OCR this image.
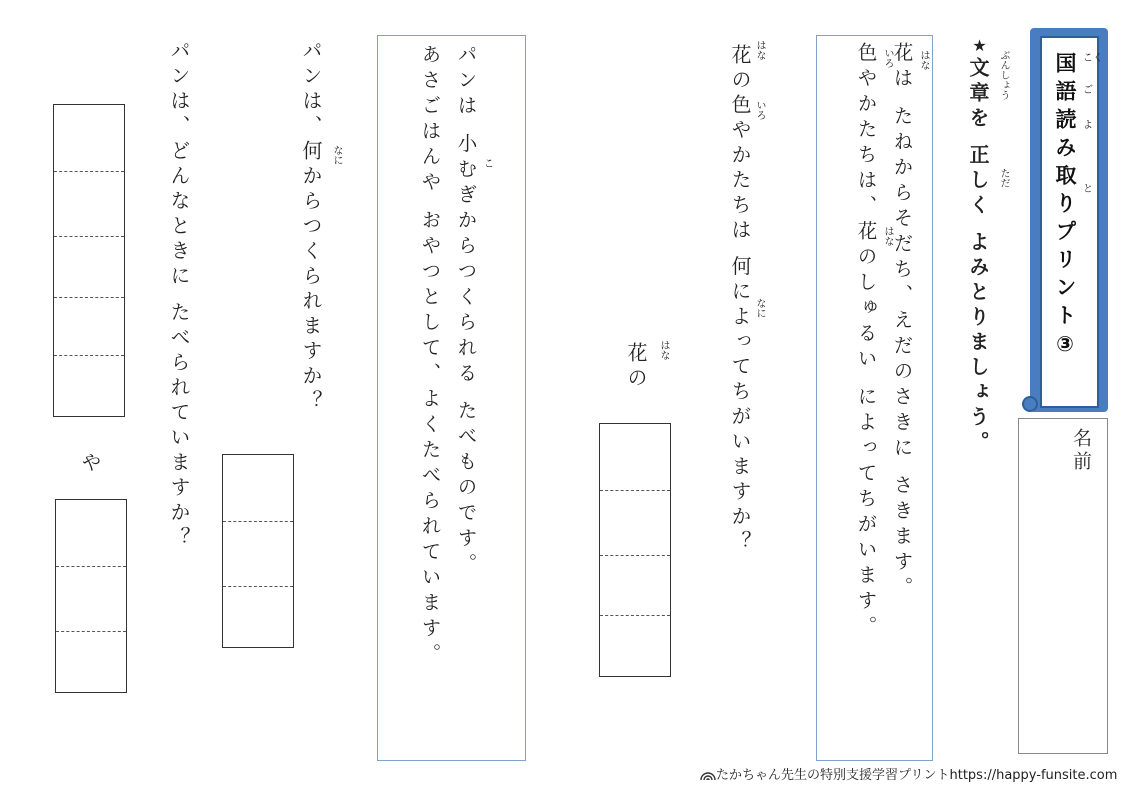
国語読み取りプリント③ こく
ご
よ
と
名前
★
文章を 正しく よみとりましょう。 ぶんしょう
ただ
花は たねからそだち、えだのさきに さきます。
色やかたちは、花のしゅるい によってちがいます。	はな
いろ
はな
花の色やかたちは 何によってちがいますか？ はな
いろ
なに
花の はな
パンは 小むぎからつくられる たべものです。
あさごはんや おやつとして、よくたべられています。	こ
パンは、何からつくられますか？ なに
パンは、どんなときに たべられていますか？
や
たかちゃん先生の特別支援学習プリントhttps://happy-funsite.com
